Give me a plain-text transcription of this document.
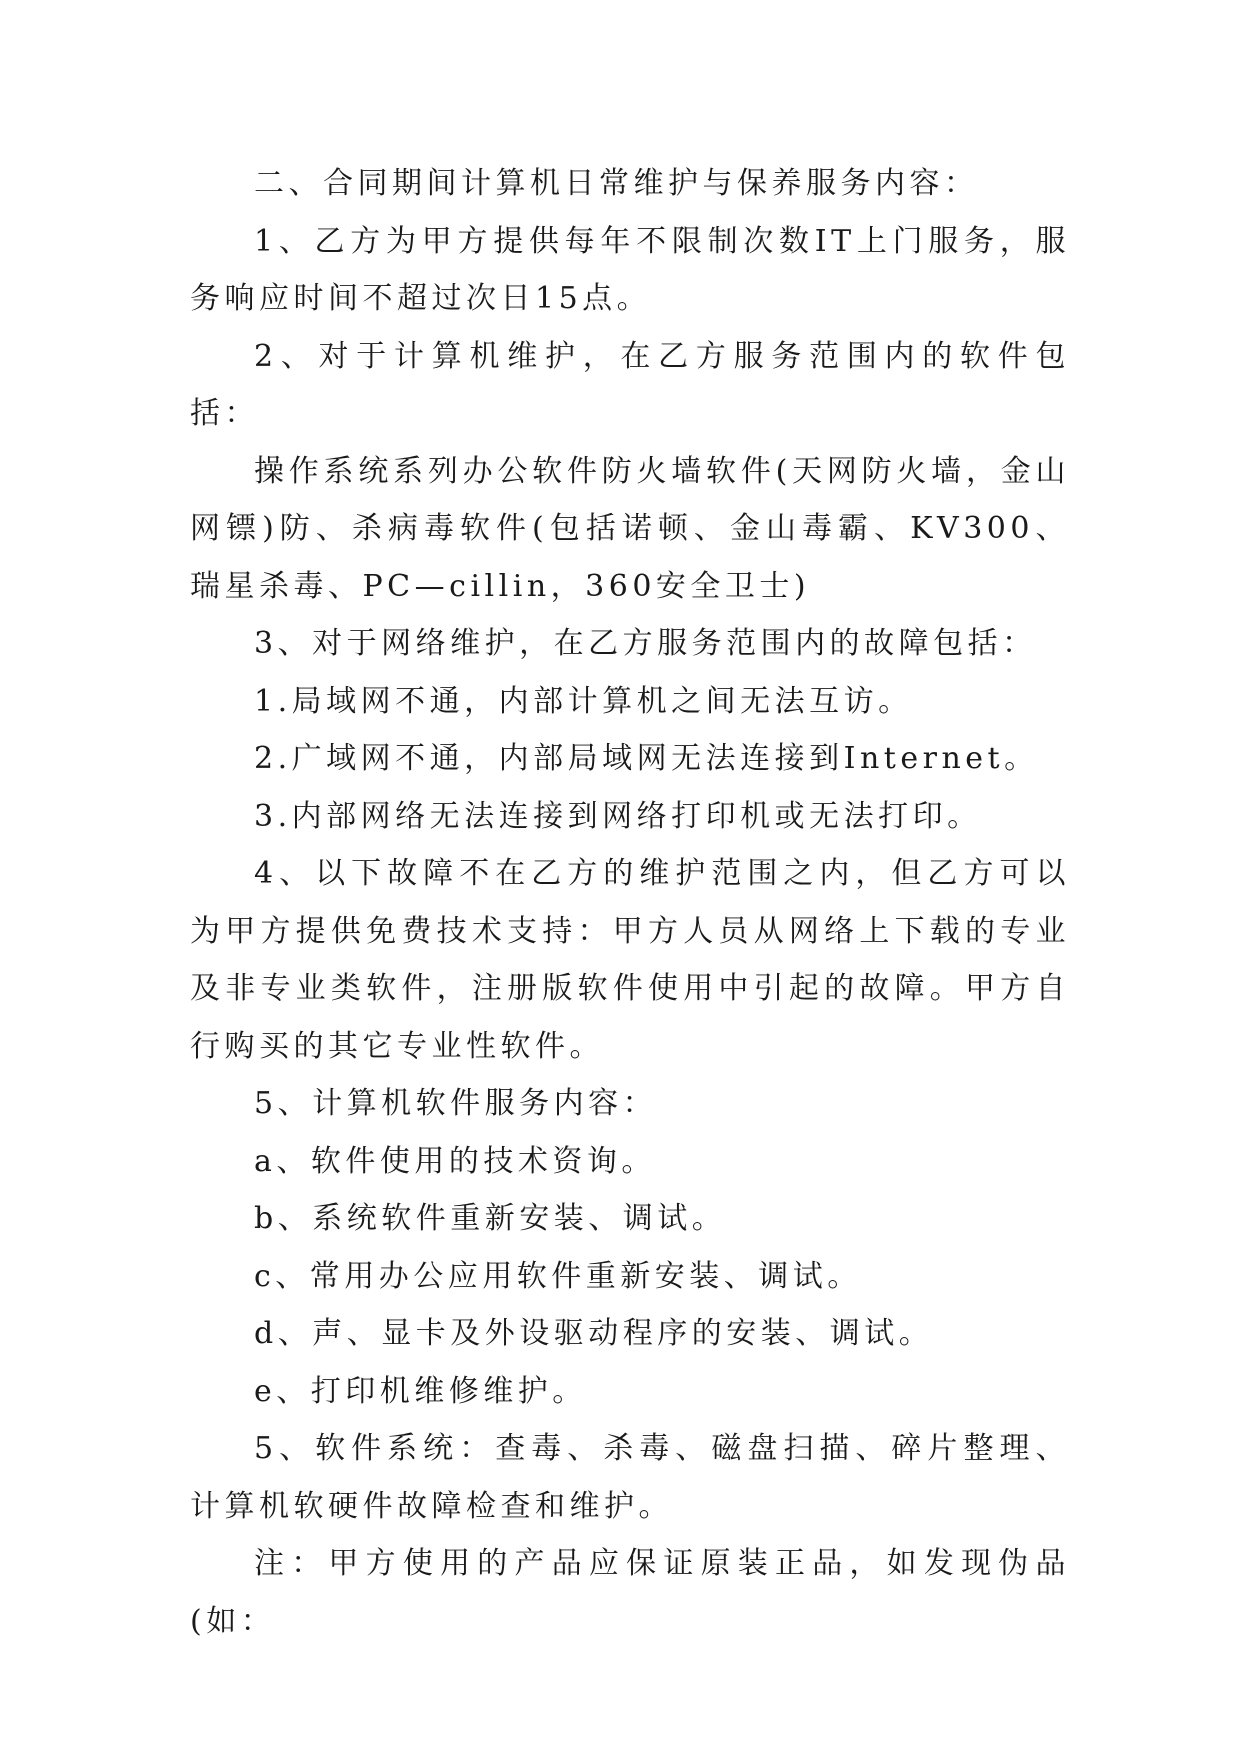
二、合同期间计算机日常维护与保养服务内容：

1、乙方为甲方提供每年不限制次数IT上门服务，服务响应时间不超过次日15点。

2、对于计算机维护，在乙方服务范围内的软件包括：

操作系统系列办公软件防火墙软件(天网防火墙，金山网镖)防、杀病毒软件(包括诺顿、金山毒霸、KV300、瑞星杀毒、PC—cillin，360安全卫士)

3、对于网络维护，在乙方服务范围内的故障包括：

1.局域网不通，内部计算机之间无法互访。

2.广域网不通，内部局域网无法连接到Internet。

3.内部网络无法连接到网络打印机或无法打印。

4、以下故障不在乙方的维护范围之内，但乙方可以为甲方提供免费技术支持：甲方人员从网络上下载的专业及非专业类软件，注册版软件使用中引起的故障。甲方自行购买的其它专业性软件。

5、计算机软件服务内容：

a、软件使用的技术资询。

b、系统软件重新安装、调试。

c、常用办公应用软件重新安装、调试。

d、声、显卡及外设驱动程序的安装、调试。

e、打印机维修维护。

5、软件系统：查毒、杀毒、磁盘扫描、碎片整理、计算机软硬件故障检查和维护。

注：甲方使用的产品应保证原装正品，如发现伪品(如：
